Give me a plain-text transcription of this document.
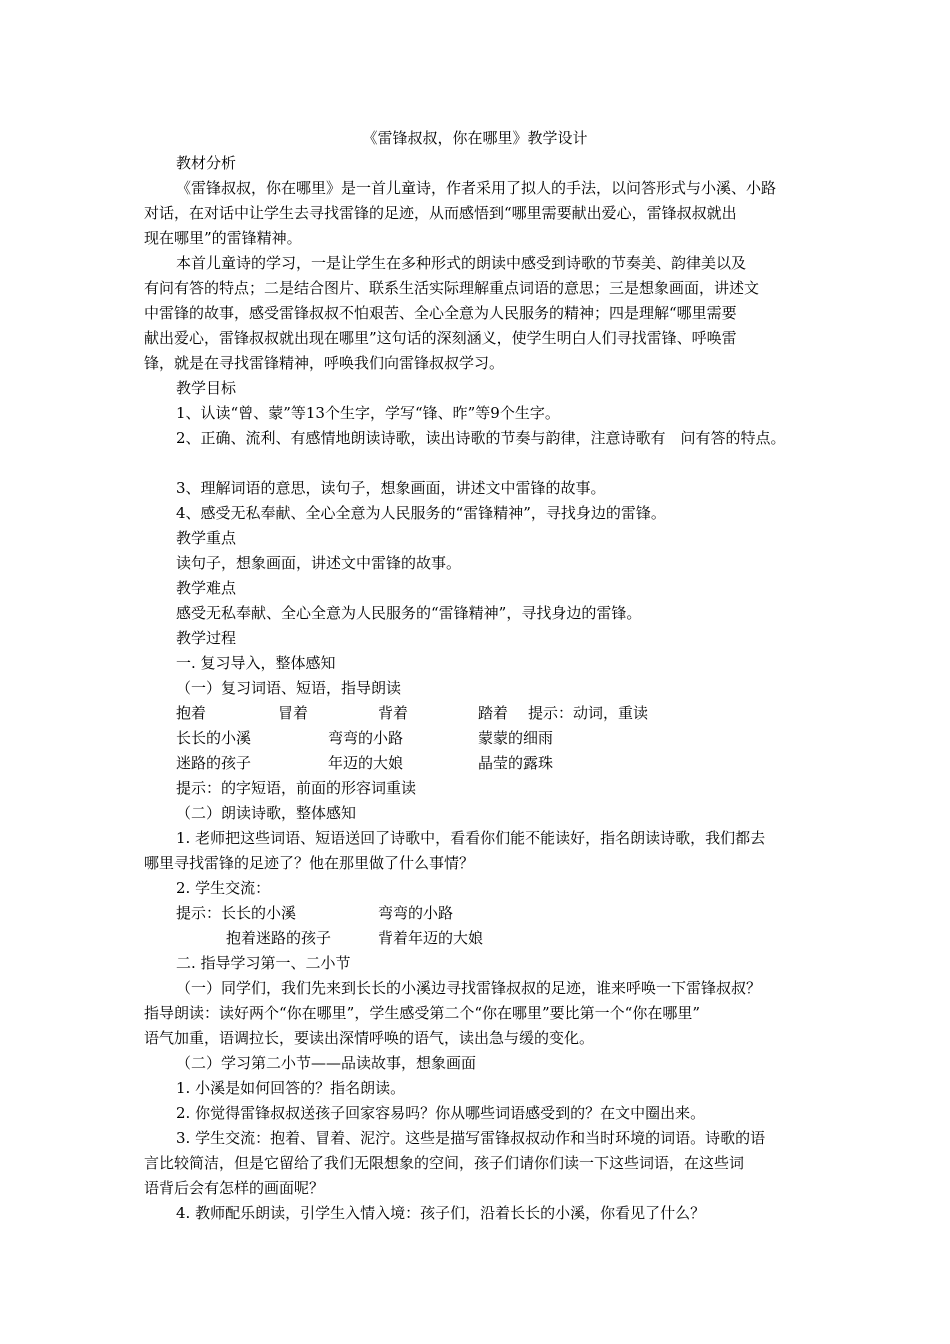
《雷锋叔叔，你在哪里》教学设计
教材分析
《雷锋叔叔，你在哪里》是一首儿童诗，作者采用了拟人的手法，以问答形式与小溪、小路
对话，在对话中让学生去寻找雷锋的足迹，从而感悟到“哪里需要献出爱心，雷锋叔叔就出
现在哪里”的雷锋精神。
本首儿童诗的学习，一是让学生在多种形式的朗读中感受到诗歌的节奏美、韵律美以及
有问有答的特点；二是结合图片、联系生活实际理解重点词语的意思；三是想象画面，讲述文
中雷锋的故事，感受雷锋叔叔不怕艰苦、全心全意为人民服务的精神；四是理解“哪里需要
献出爱心，雷锋叔叔就出现在哪里”这句话的深刻涵义，使学生明白人们寻找雷锋、呼唤雷
锋，就是在寻找雷锋精神，呼唤我们向雷锋叔叔学习。
教学目标
1、认读“曾、蒙”等13个生字，学写“锋、昨”等9个生字。
2、正确、流利、有感情地朗读诗歌，读出诗歌的节奏与韵律，注意诗歌有　问有答的特点。
3、理解词语的意思，读句子，想象画面，讲述文中雷锋的故事。
4、感受无私奉献、全心全意为人民服务的“雷锋精神”，寻找身边的雷锋。
教学重点
读句子，想象画面，讲述文中雷锋的故事。
教学难点
感受无私奉献、全心全意为人民服务的“雷锋精神”，寻找身边的雷锋。
教学过程
一. 复习导入，整体感知
（一）复习词语、短语，指导朗读
抱着	冒着	背着	踏着 提示：动词，重读
长长的小溪	弯弯的小路	蒙蒙的细雨
迷路的孩子	年迈的大娘	晶莹的露珠
提示：的字短语，前面的形容词重读
（二）朗读诗歌，整体感知
1. 老师把这些词语、短语送回了诗歌中，看看你们能不能读好，指名朗读诗歌，我们都去
哪里寻找雷锋的足迹了？他在那里做了什么事情？
2. 学生交流：
提示：长长的小溪	弯弯的小路
抱着迷路的孩子	背着年迈的大娘
二. 指导学习第一、二小节
（一）同学们，我们先来到长长的小溪边寻找雷锋叔叔的足迹，谁来呼唤一下雷锋叔叔？
指导朗读：读好两个“你在哪里”，学生感受第二个“你在哪里”要比第一个“你在哪里”
语气加重，语调拉长，要读出深情呼唤的语气，读出急与缓的变化。
（二）学习第二小节——品读故事，想象画面
1. 小溪是如何回答的？指名朗读。
2. 你觉得雷锋叔叔送孩子回家容易吗？你从哪些词语感受到的？在文中圈出来。
3. 学生交流：抱着、冒着、泥泞。这些是描写雷锋叔叔动作和当时环境的词语。诗歌的语
言比较简洁，但是它留给了我们无限想象的空间，孩子们请你们读一下这些词语，在这些词
语背后会有怎样的画面呢？
4. 教师配乐朗读，引学生入情入境：孩子们，沿着长长的小溪，你看见了什么？
